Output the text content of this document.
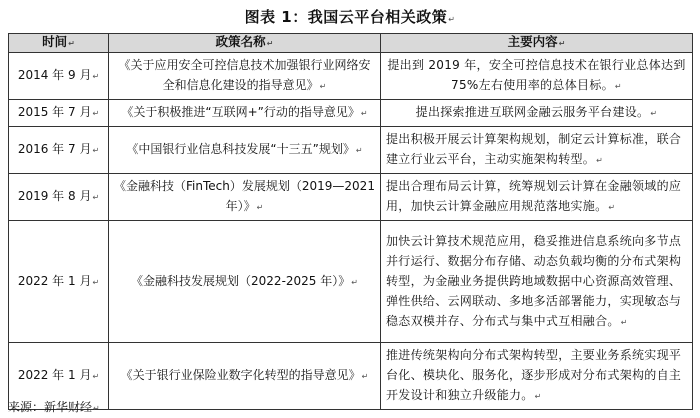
图表 1：我国云平台相关政策↵
时间↵	政策名称↵	主要内容↵
2014 年 9 月↵	《关于应用安全可控信息技术加强银行业网络安全和信息化建设的指导意见》↵	提出到 2019 年，安全可控信息技术在银行业总体达到 75%左右使用率的总体目标。↵
2015 年 7 月↵	《关于积极推进“互联网+”行动的指导意见》↵	提出探索推进互联网金融云服务平台建设。↵
2016 年 7 月↵	《中国银行业信息科技发展“十三五”规划》↵	提出积极开展云计算架构规划，制定云计算标准，联合建立行业云平台，主动实施架构转型。↵
2019 年 8 月↵	《金融科技（FinTech）发展规划（2019—2021年）》↵	提出合理布局云计算，统筹规划云计算在金融领域的应用，加快云计算金融应用规范落地实施。↵
2022 年 1 月↵	《金融科技发展规划（2022-2025 年）》↵	加快云计算技术规范应用，稳妥推进信息系统向多节点并行运行、数据分布存储、动态负载均衡的分布式架构转型，为金融业务提供跨地域数据中心资源高效管理、弹性供给、云网联动、多地多活部署能力，实现敏态与稳态双模并存、分布式与集中式互相融合。↵
2022 年 1 月↵	《关于银行业保险业数字化转型的指导意见》↵	推进传统架构向分布式架构转型，主要业务系统实现平台化、模块化、服务化，逐步形成对分布式架构的自主开发设计和独立升级能力。↵
来源：新华财经↵
